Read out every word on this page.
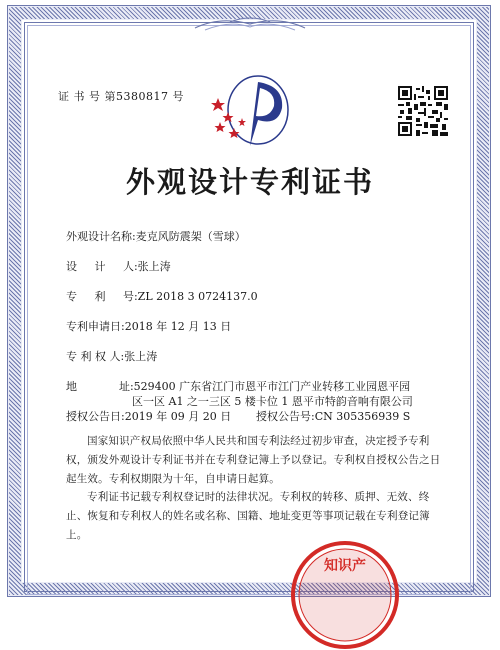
证 书 号 第5380817 号
外观设计专利证书
外观设计名称:麦克风防震架（雪球）
设     计     人:张上涛
专     利     号:ZL 2018 3 0724137.0
专利申请日:2018 年 12 月 13 日
专 利 权 人:张上涛
地            址:529400 广东省江门市恩平市江门产业转移工业园恩平园
区一区 A1 之一三区 5 楼卡位 1 恩平市特韵音响有限公司
授权公告日:2019 年 09 月 20 日 授权公告号:CN 305356939 S
国家知识产权局依照中华人民共和国专利法经过初步审查，决定授予专利权，颁发外观设计专利证书并在专利登记簿上予以登记。专利权自授权公告之日起生效。专利权期限为十年，自申请日起算。
专利证书记载专利权登记时的法律状况。专利权的转移、质押、无效、终止、恢复和专利权人的姓名或名称、国籍、地址变更等事项记载在专利登记簿上。
知识产
